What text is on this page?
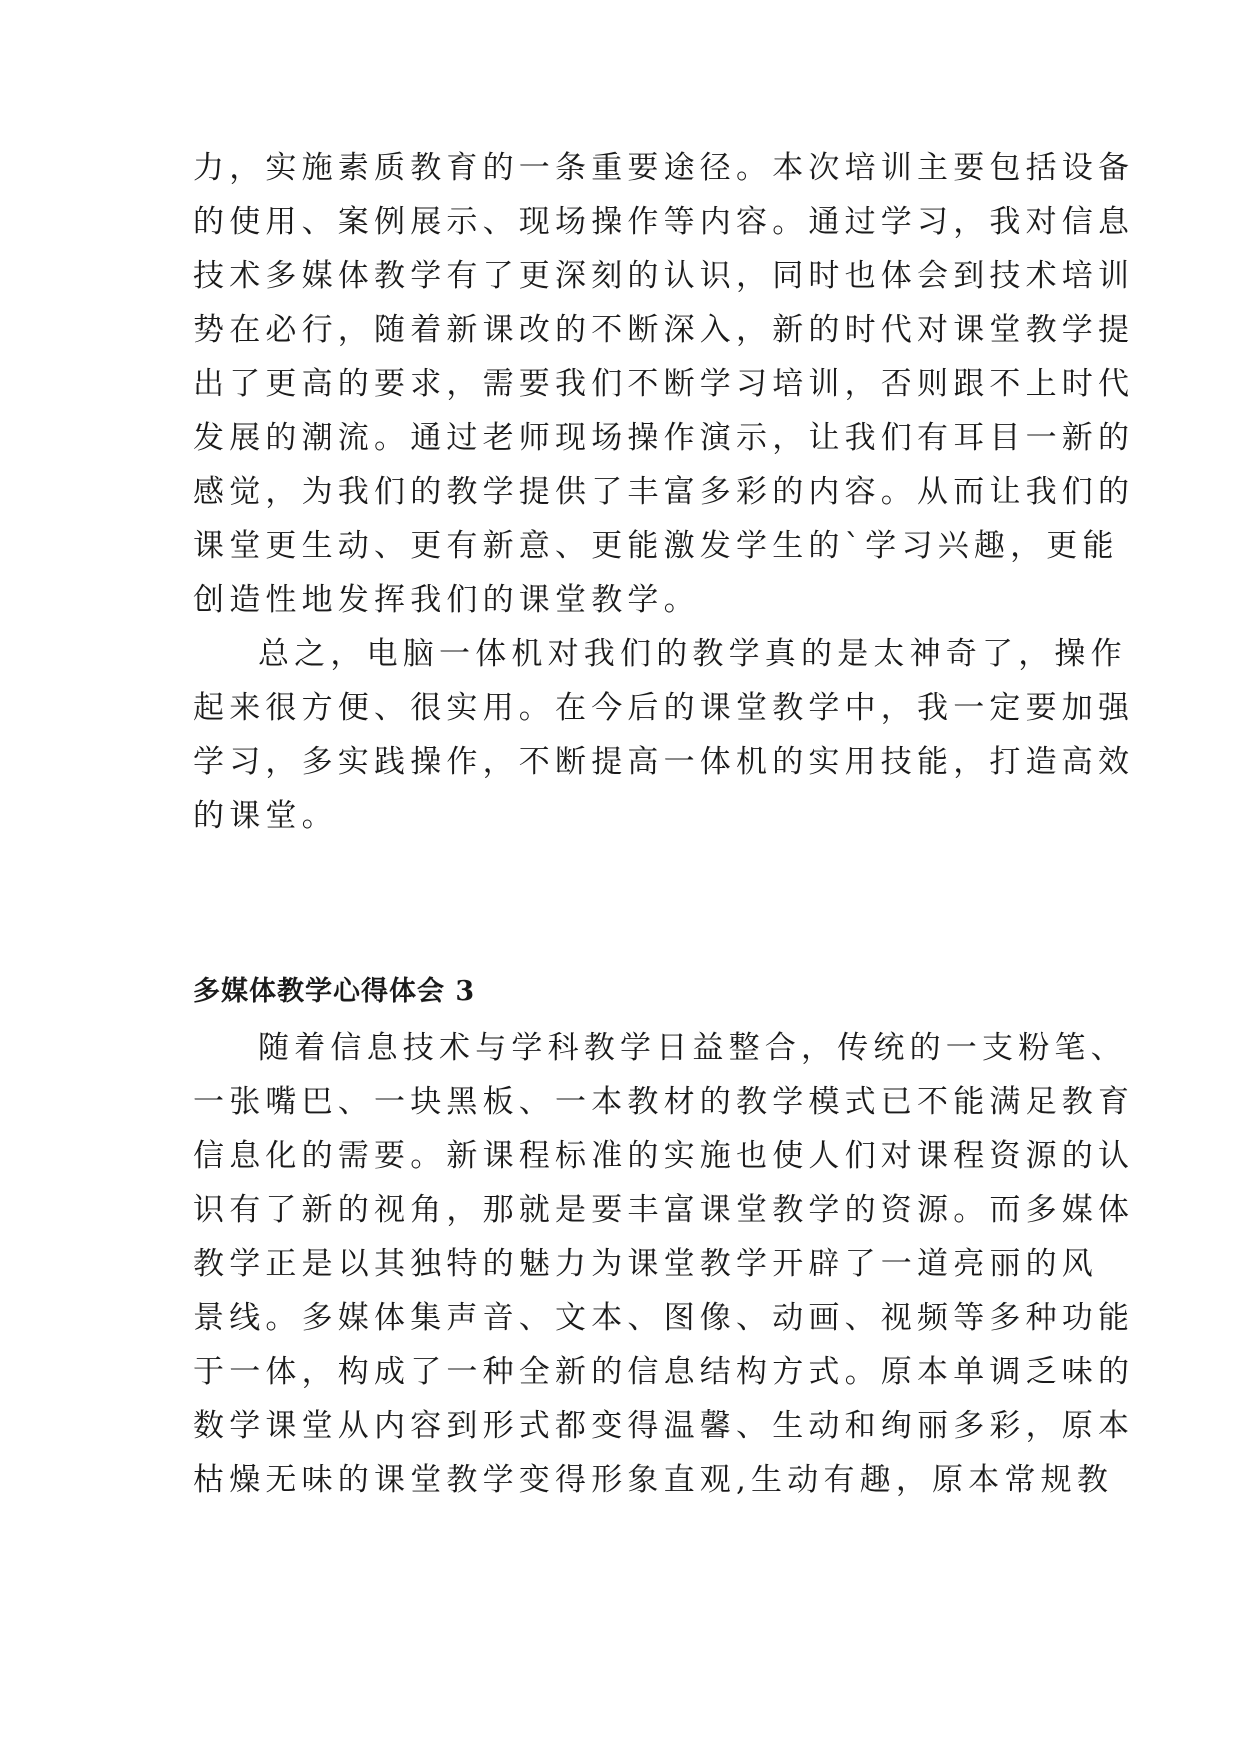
力，实施素质教育的一条重要途径。本次培训主要包括设备

的使用、案例展示、现场操作等内容。通过学习，我对信息

技术多媒体教学有了更深刻的认识，同时也体会到技术培训

势在必行，随着新课改的不断深入，新的时代对课堂教学提

出了更高的要求，需要我们不断学习培训，否则跟不上时代

发展的潮流。通过老师现场操作演示，让我们有耳目一新的

感觉，为我们的教学提供了丰富多彩的内容。从而让我们的

课堂更生动、更有新意、更能激发学生的`学习兴趣，更能

创造性地发挥我们的课堂教学。

总之，电脑一体机对我们的教学真的是太神奇了，操作

起来很方便、很实用。在今后的课堂教学中，我一定要加强

学习，多实践操作，不断提高一体机的实用技能，打造高效

的课堂。

多媒体教学心得体会 3

随着信息技术与学科教学日益整合，传统的一支粉笔、

一张嘴巴、一块黑板、一本教材的教学模式已不能满足教育

信息化的需要。新课程标准的实施也使人们对课程资源的认

识有了新的视角，那就是要丰富课堂教学的资源。而多媒体

教学正是以其独特的魅力为课堂教学开辟了一道亮丽的风

景线。多媒体集声音、文本、图像、动画、视频等多种功能

于一体，构成了一种全新的信息结构方式。原本单调乏味的

数学课堂从内容到形式都变得温馨、生动和绚丽多彩，原本

枯燥无味的课堂教学变得形象直观,生动有趣，原本常规教
